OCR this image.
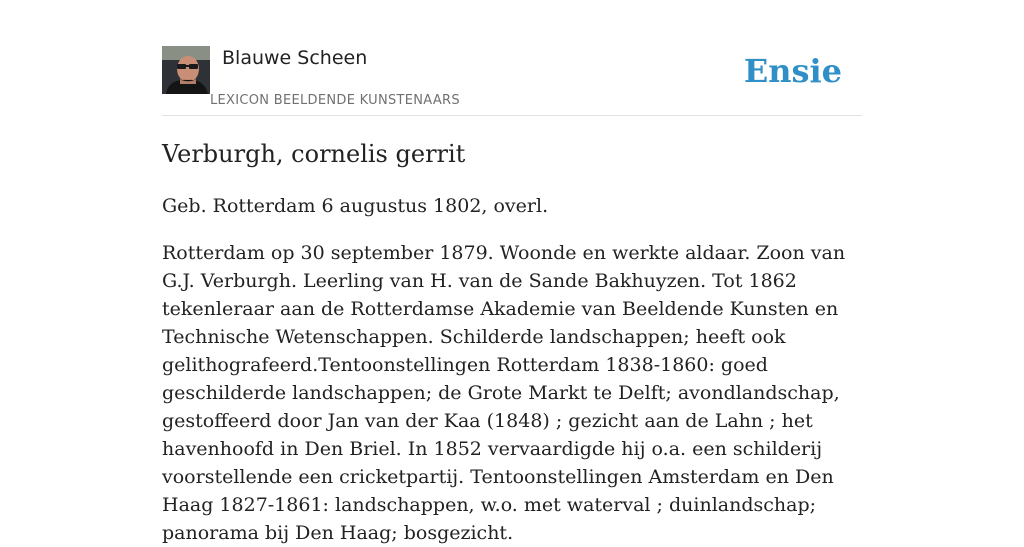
Blauwe Scheen
LEXICON BEELDENDE KUNSTENAARS
Ensie
Verburgh, cornelis gerrit

Geb. Rotterdam 6 augustus 1802, overl.

Rotterdam op 30 september 1879. Woonde en werkte aldaar. Zoon van G.J. Verburgh. Leerling van H. van de Sande Bakhuyzen. Tot 1862 tekenleraar aan de Rotterdamse Akademie van Beeldende Kunsten en Technische Wetenschappen. Schilderde landschappen; heeft ook gelithografeerd.Tentoonstellingen Rotterdam 1838-1860: goed geschilderde landschappen; de Grote Markt te Delft; avondlandschap, gestoffeerd door Jan van der Kaa (1848) ; gezicht aan de Lahn ; het havenhoofd in Den Briel. In 1852 vervaardigde hij o.a. een schilderij voorstellende een cricketpartij. Tentoonstellingen Amsterdam en Den Haag 1827-1861: landschappen, w.o. met waterval ; duinlandschap; panorama bij Den Haag; bosgezicht.
